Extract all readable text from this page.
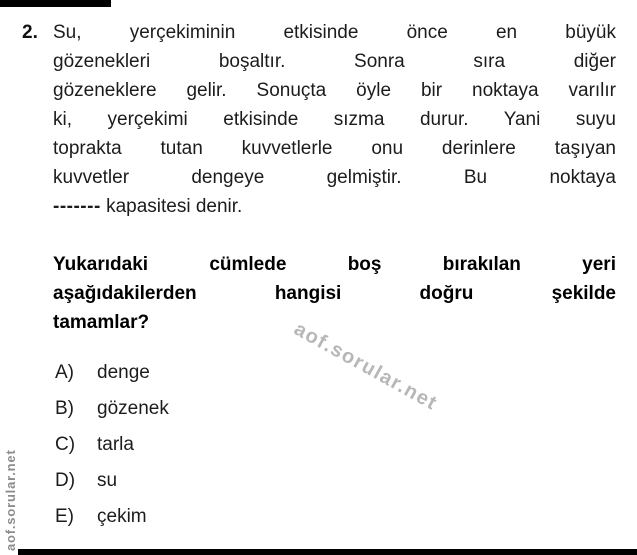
2. Su, yerçekiminin etkisinde önce en büyük
gözenekleri boşaltır. Sonra sıra diğer
gözeneklere gelir. Sonuçta öyle bir noktaya varılır
ki, yerçekimi etkisinde sızma durur. Yani suyu
toprakta tutan kuvvetlerle onu derinlere taşıyan
kuvvetler dengeye gelmiştir. Bu noktaya
------- kapasitesi denir.
Yukarıdaki cümlede boş bırakılan yeri
aşağıdakilerden hangisi doğru şekilde
tamamlar?
A)	denge
B)	gözenek
C)	tarla
D)	su
E)	çekim
aof.sorular.net
aof.sorular.net
